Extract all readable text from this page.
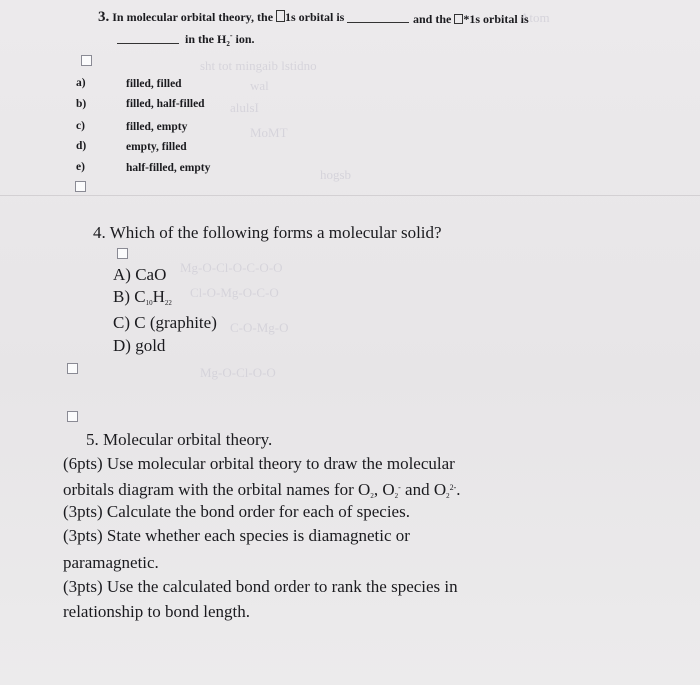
Atom
sht tot mingaib lstidno
wal
alulsI
MoMT
hogsb
Mg-O-Cl-O-C-O-O
Cl-O-Mg-O-C-O
C-O-Mg-O
Mg-O-Cl-O-O
3. In molecular orbital theory, the 1s orbital is	and the *1s orbital is
in the $H_2^-$ ion.
a)	filled, filled
b)	filled, half-filled
c)	filled, empty
d)	empty, filled
e)	half-filled, empty
4. Which of the following forms a molecular solid?
A) CaO
B) $C_{10}H_{22}$
C) C (graphite)
D) gold
5. Molecular orbital theory.
(6pts) Use molecular orbital theory to draw the molecular
orbitals diagram with the orbital names for $O_2$, $O_2^-$ and $O_2^{2-}$.
(3pts) Calculate the bond order for each of species.
(3pts) State whether each species is diamagnetic or
paramagnetic.
(3pts) Use the calculated bond order to rank the species in
relationship to bond length.
